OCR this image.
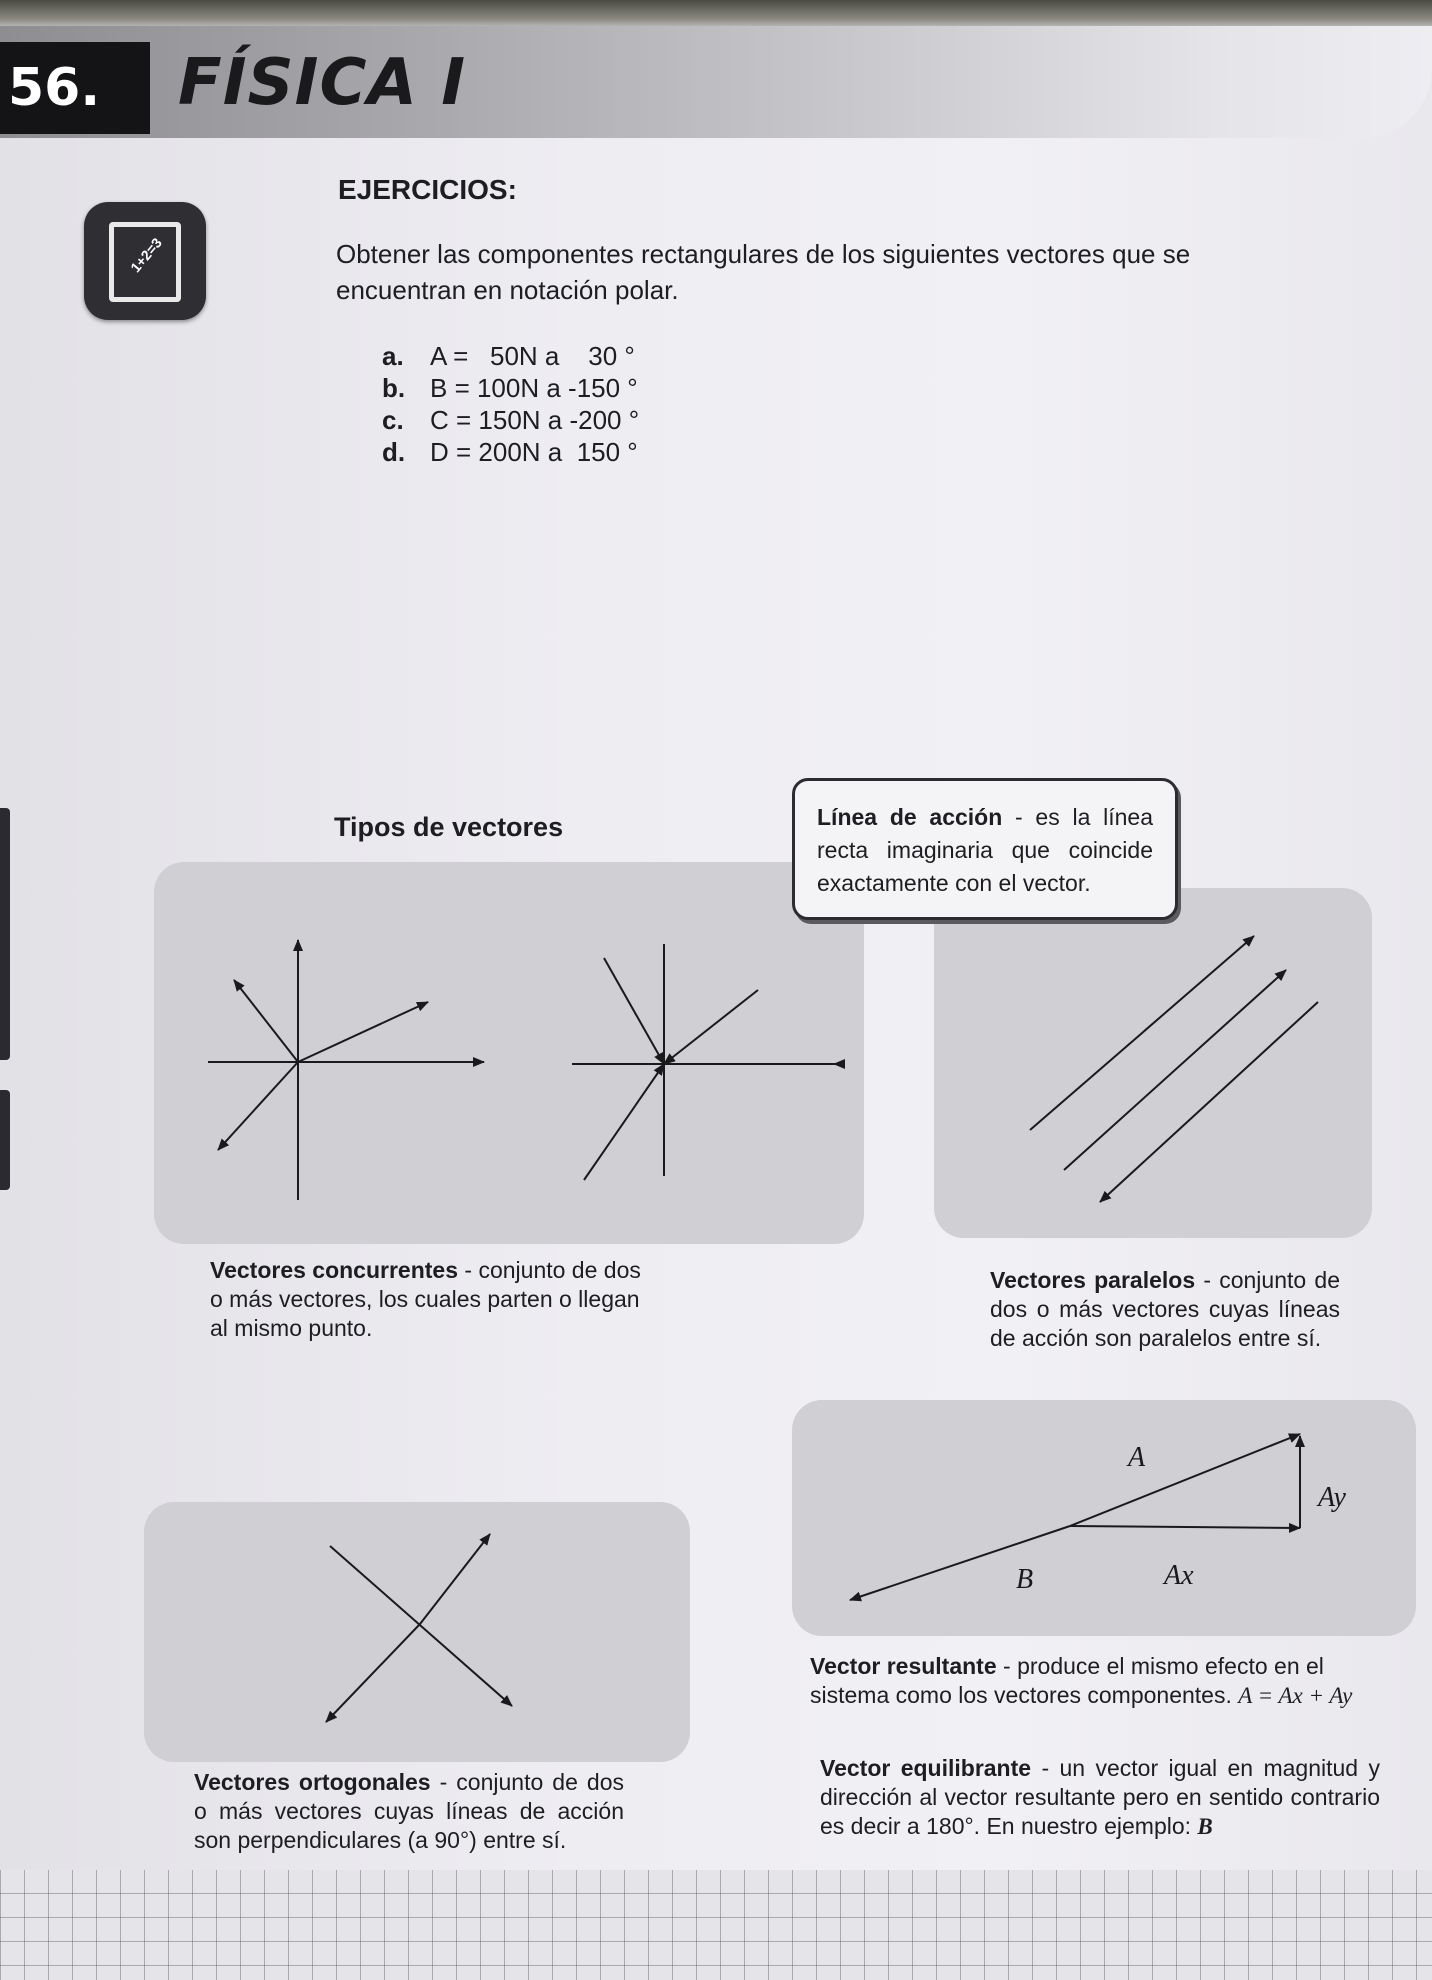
56.	FÍSICA I
1+2=3
EJERCICIOS:
Obtener las componentes rectangulares de los siguientes vectores que se encuentran en notación polar.
a.	A =   50N a    30 °
b. B = 100N a -150 °
c.	C = 150N a -200 °
d. D = 200N a  150 °
Tipos de vectores	Línea de acción - es la línea recta imaginaria que coincide exactamente con el vector.
A
Ay
B	Ax
Vectores concurrentes - conjunto de dos o más vectores, los cuales parten o llegan al mismo punto.
Vectores paralelos - conjunto de dos o más vectores cuyas líneas de acción son paralelos entre sí.
Vectores ortogonales - conjunto de dos o más vectores cuyas líneas de acción son perpendiculares (a 90°) entre sí.
Vector resultante - produce el mismo efecto en el sistema como los vectores componentes. A = Ax + Ay
Vector equilibrante - un vector igual en magnitud y dirección al vector resultante pero en sentido contrario es decir a 180°. En nuestro ejemplo: B
